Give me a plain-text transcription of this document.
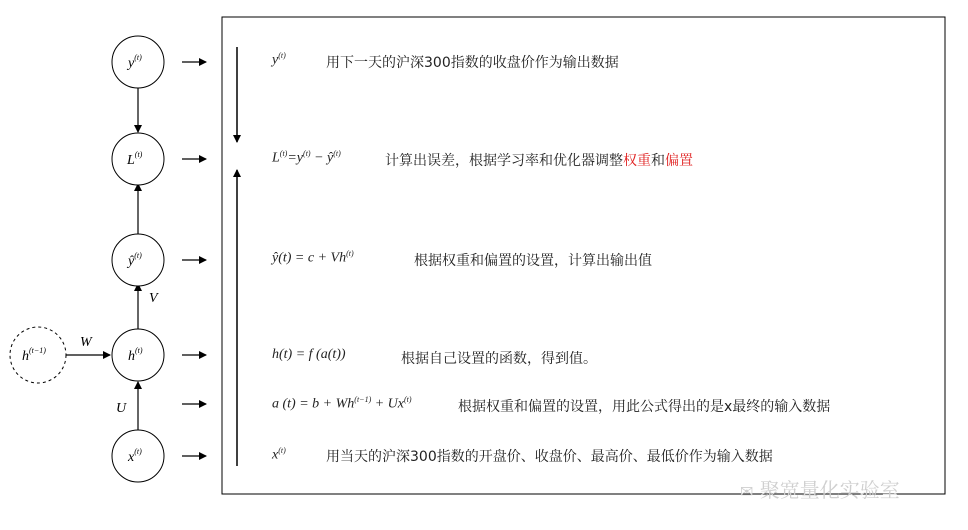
$y^{(t)}$
$L^{(t)}$
$ŷ^{(t)}$
$h^{(t)}$
$x^{(t)}$
$h^{(t-1)}$
V
W
U
$y^{(t)}$	用下一天的沪深300指数的收盘价作为输出数据
$L^{(t)}=y^{(t)}$ − $ŷ^{(t)}$	计算出误差，根据学习率和优化器调整权重和偏置
ŷ(t) = $c + Vh^{(t)}$	根据权重和偏置的设置，计算出输出值
h(t) = f (a(t))	根据自己设置的函数，得到值。
a $(t) = b + Wh^{(t-1)} + Ux^{(t)}$	根据权重和偏置的设置，用此公式得出的是x最终的输入数据
$x^{(t)}$	用当天的沪深300指数的开盘价、收盘价、最高价、最低价作为输入数据
✉ 聚宽量化实验室
